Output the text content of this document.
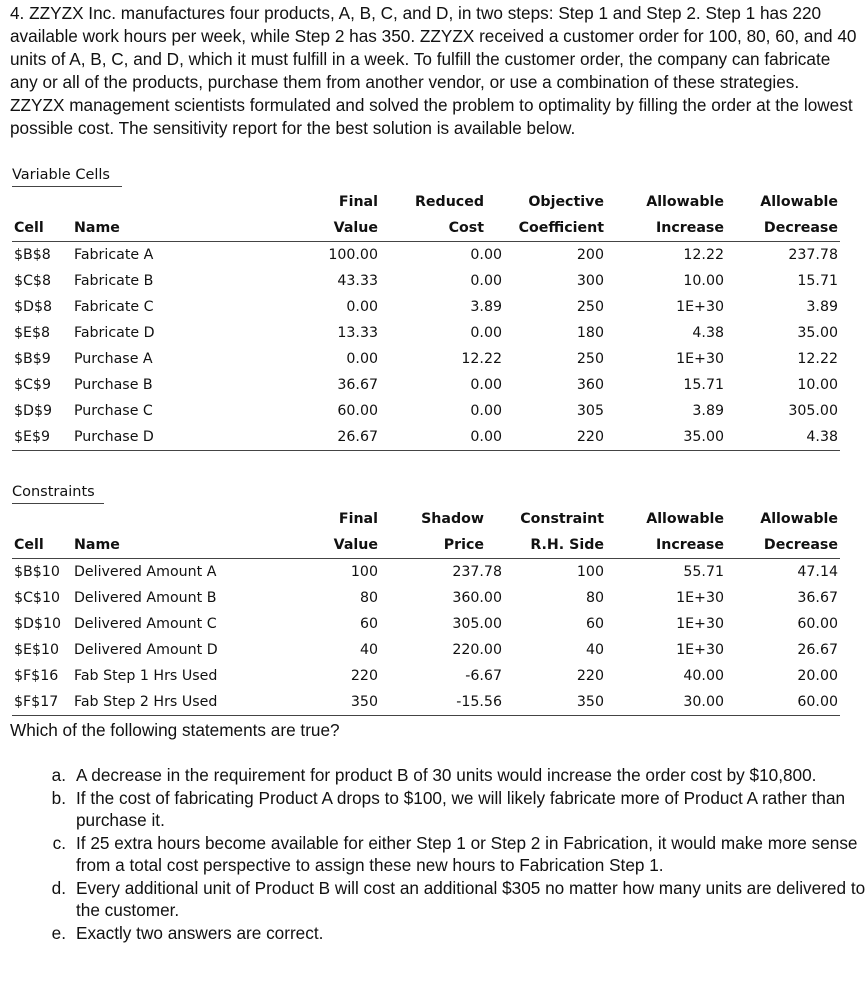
4. ZZYZX Inc. manufactures four products, A, B, C, and D, in two steps: Step 1 and Step 2. Step 1 has 220 available work hours per week, while Step 2 has 350. ZZYZX received a customer order for 100, 80, 60, and 40 units of A, B, C, and D, which it must fulfill in a week. To fulfill the customer order, the company can fabricate any or all of the products, purchase them from another vendor, or use a combination of these strategies. ZZYZX management scientists formulated and solved the problem to optimality by filling the order at the lowest possible cost. The sensitivity report for the best solution is available below.
Variable Cells
		Final	Reduced	Objective	Allowable	Allowable
Cell	Name	Value	Cost	Coefficient	Increase	Decrease
$B$8	Fabricate A	100.00	0.00	200	12.22	237.78
$C$8	Fabricate B	43.33	0.00	300	10.00	15.71
$D$8	Fabricate C	0.00	3.89	250	1E+30	3.89
$E$8	Fabricate D	13.33	0.00	180	4.38	35.00
$B$9	Purchase A	0.00	12.22	250	1E+30	12.22
$C$9	Purchase B	36.67	0.00	360	15.71	10.00
$D$9	Purchase C	60.00	0.00	305	3.89	305.00
$E$9	Purchase D	26.67	0.00	220	35.00	4.38
Constraints
		Final	Shadow	Constraint	Allowable	Allowable
Cell	Name	Value	Price	R.H. Side	Increase	Decrease
$B$10	Delivered Amount A	100	237.78	100	55.71	47.14
$C$10	Delivered Amount B	80	360.00	80	1E+30	36.67
$D$10	Delivered Amount C	60	305.00	60	1E+30	60.00
$E$10	Delivered Amount D	40	220.00	40	1E+30	26.67
$F$16	Fab Step 1 Hrs Used	220	-6.67	220	40.00	20.00
$F$17	Fab Step 2 Hrs Used	350	-15.56	350	30.00	60.00
Which of the following statements are true?
a. A decrease in the requirement for product B of 30 units would increase the order cost by $10,800.
b. If the cost of fabricating Product A drops to $100, we will likely fabricate more of Product A rather than purchase it.
c. If 25 extra hours become available for either Step 1 or Step 2 in Fabrication, it would make more sense from a total cost perspective to assign these new hours to Fabrication Step 1.
d. Every additional unit of Product B will cost an additional $305 no matter how many units are delivered to the customer.
e. Exactly two answers are correct.
